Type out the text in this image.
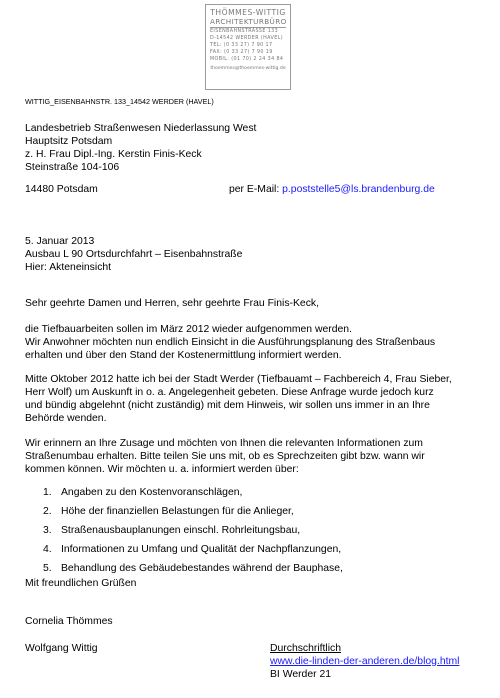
THÖMMES-WITTIG
ARCHITEKTURBÜRO
EISENBAHNSTRASSE 133
D-14542 WERDER (HAVEL)
TEL: (0 33 27) 7 90 17
FAX: (0 33 27) 7 90 19
MOBIL: (01 70) 2 24 34 84
thoemmes@thoemmes-wittig.de
WITTIG_EISENBAHNSTR. 133_14542 WERDER (HAVEL)
Landesbetrieb Straßenwesen Niederlassung West
Hauptsitz Potsdam
z. H. Frau Dipl.-Ing. Kerstin Finis-Keck
Steinstraße 104-106
14480 Potsdam	per E-Mail: p.poststelle5@ls.brandenburg.de
5. Januar 2013
Ausbau L 90 Ortsdurchfahrt – Eisenbahnstraße
Hier: Akteneinsicht
Sehr geehrte Damen und Herren, sehr geehrte Frau Finis-Keck,
die Tiefbauarbeiten sollen im März 2012 wieder aufgenommen werden.
Wir Anwohner möchten nun endlich Einsicht in die Ausführungsplanung des Straßenbaus
erhalten und über den Stand der Kostenermittlung informiert werden.
Mitte Oktober 2012 hatte ich bei der Stadt Werder (Tiefbauamt – Fachbereich 4, Frau Sieber,
Herr Wolf) um Auskunft in o. a. Angelegenheit gebeten. Diese Anfrage wurde jedoch kurz
und bündig abgelehnt (nicht zuständig) mit dem Hinweis, wir sollen uns immer in an Ihre
Behörde wenden.
Wir erinnern an Ihre Zusage und möchten von Ihnen die relevanten Informationen zum
Straßenumbau erhalten. Bitte teilen Sie uns mit, ob es Sprechzeiten gibt bzw. wann wir
kommen können. Wir möchten u. a. informiert werden über:
1. Angaben zu den Kostenvoranschlägen,
2. Höhe der finanziellen Belastungen für die Anlieger,
3. Straßenausbauplanungen einschl. Rohrleitungsbau,
4. Informationen zu Umfang und Qualität der Nachpflanzungen,
5. Behandlung des Gebäudebestandes während der Bauphase,
Mit freundlichen Grüßen
Cornelia Thömmes
Wolfgang Wittig	Durchschriftlich
www.die-linden-der-anderen.de/blog.html
BI Werder 21
